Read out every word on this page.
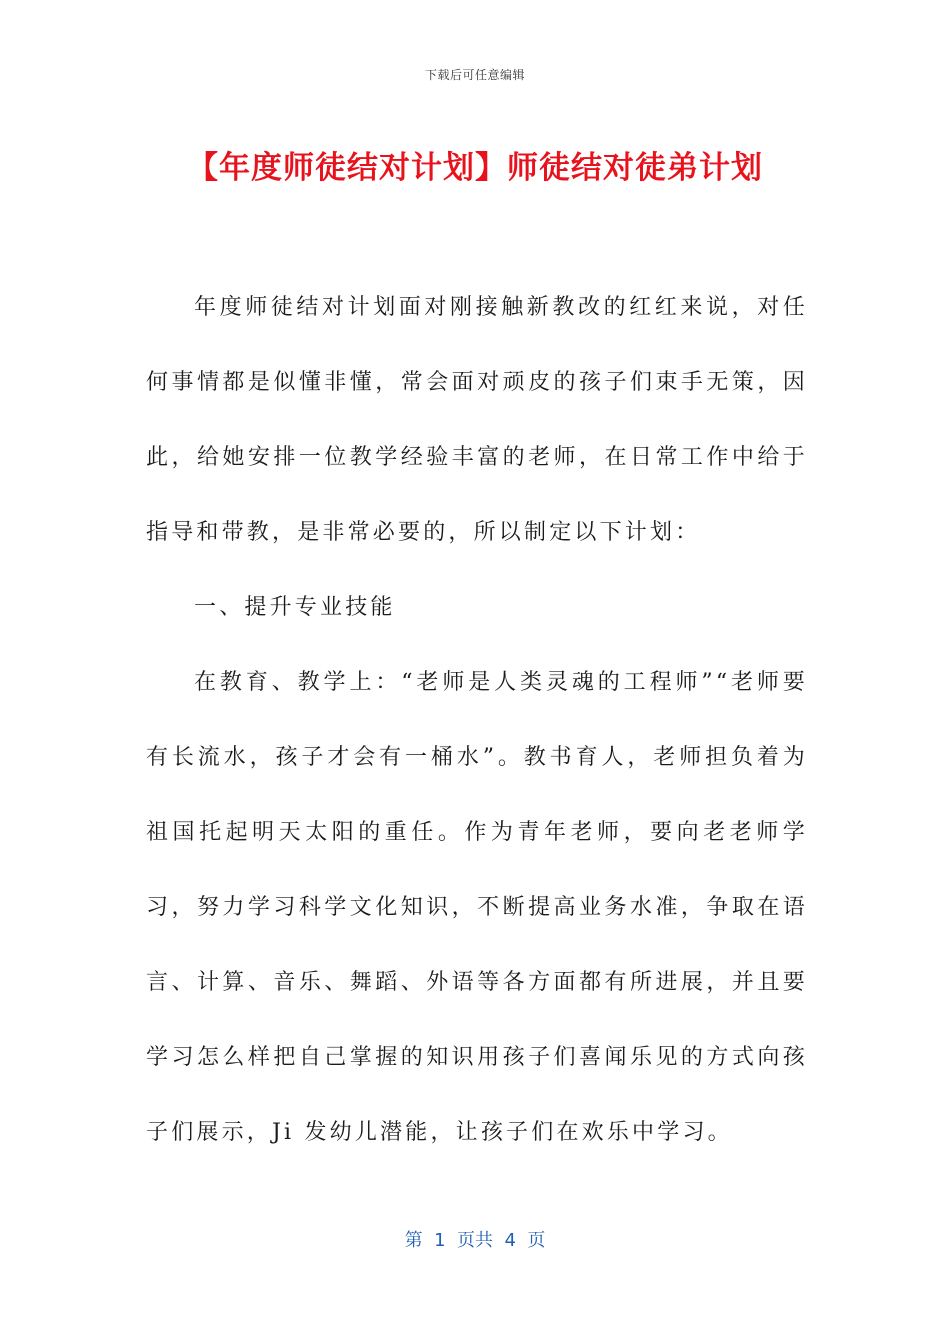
下载后可任意编辑
【年度师徒结对计划】师徒结对徒弟计划

年度师徒结对计划面对刚接触新教改的红红来说，对任何事情都是似懂非懂，常会面对顽皮的孩子们束手无策，因此，给她安排一位教学经验丰富的老师，在日常工作中给于指导和带教，是非常必要的，所以制定以下计划：

一、提升专业技能

在教育、教学上：“老师是人类灵魂的工程师”“老师要有长流水，孩子才会有一桶水”。教书育人，老师担负着为祖国托起明天太阳的重任。作为青年老师，要向老老师学习，努力学习科学文化知识，不断提高业务水准，争取在语言、计算、音乐、舞蹈、外语等各方面都有所进展，并且要学习怎么样把自己掌握的知识用孩子们喜闻乐见的方式向孩子们展示，Ji 发幼儿潜能，让孩子们在欢乐中学习。

第  1  页共  4  页
